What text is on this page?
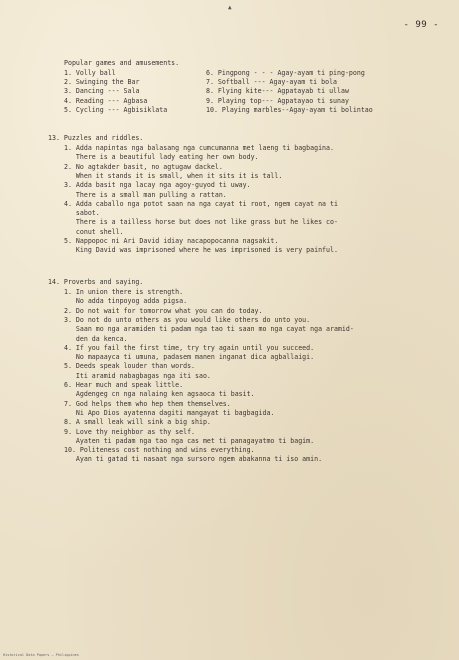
▲
- 99 -
Popular games and amusements.
1. Volly ball
2. Swinging the Bar
3. Dancing --- Sala
4. Reading --- Agbasa
5. Cycling --- Agbisiklata
6. Pingpong - - - Agay-ayam ti ping-pong
7. Softball --- Agay-ayam ti bola
8. Flying kite--- Agpatayab ti ullaw
9. Playing top--- Agpatayao ti sunay
10. Playing marbles--Agay-ayam ti bolintao
13. Puzzles and riddles.
1. Adda napintas nga balasang nga cumcumanna met laeng ti bagbagina.
There is a beautiful lady eating her own body.
2. No agtakder basit, no agtugaw dackel.
When it stands it is small, when it sits it is tall.
3. Adda basit nga lacay nga agoy-guyod ti uway.
There is a small man pulling a rattan.
4. Adda caballo nga potot saan na nga cayat ti root, ngem cayat na ti
sabot.
There is a tailless horse but does not like grass but he likes co-
conut shell.
5. Nappopoc ni Ari David idiay nacapopocanna nagsakit.
King David was imprisoned where he was imprisoned is very painful.
14. Proverbs and saying.
1. In union there is strength.
No adda tinpoyog adda pigsa.
2. Do not wait for tomorrow what you can do today.
3. Do not do unto others as you would like others do unto you.
Saan mo nga aramiden ti padam nga tao ti saan mo nga cayat nga aramid-
den da kenca.
4. If you fail the first time, try try again until you succeed.
No mapaayca ti umuna, padasem manen inganat dica agballaigi.
5. Deeds speak louder than words.
Iti aramid nabagbagas nga iti sao.
6. Hear much and speak little.
Agdengeg cn nga nalaing ken agsaoca ti basit.
7. God helps them who hep them themselves.
Ni Apo Dios ayatenna dagiti mangayat ti bagbagida.
8. A small leak will sink a big ship.
9. Love thy neighbor as thy self.
Ayaten ti padam nga tao nga cas met ti panagayatmo ti bagim.
10. Politeness cost nothing and wins everything.
Ayan ti gatad ti nasaat nga sursoro ngem abakanna ti iso amin.
Historical Data Papers — Philippines
